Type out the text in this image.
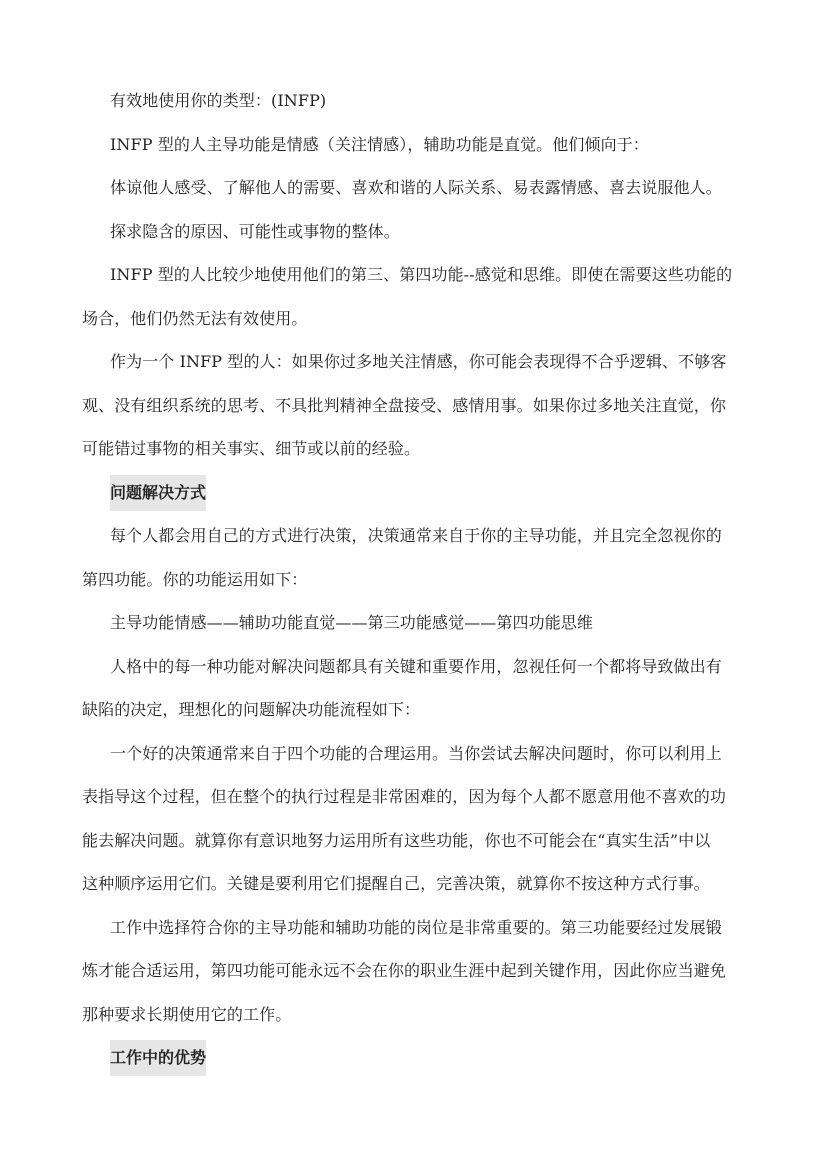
有效地使用你的类型：(INFP)
INFP 型的人主导功能是情感（关注情感），辅助功能是直觉。他们倾向于：
体谅他人感受、了解他人的需要、喜欢和谐的人际关系、易表露情感、喜去说服他人。
探求隐含的原因、可能性或事物的整体。
INFP 型的人比较少地使用他们的第三、第四功能--感觉和思维。即使在需要这些功能的
场合，他们仍然无法有效使用。
作为一个 INFP 型的人：如果你过多地关注情感，你可能会表现得不合乎逻辑、不够客
观、没有组织系统的思考、不具批判精神全盘接受、感情用事。如果你过多地关注直觉，你
可能错过事物的相关事实、细节或以前的经验。
问题解决方式
每个人都会用自己的方式进行决策，决策通常来自于你的主导功能，并且完全忽视你的
第四功能。你的功能运用如下：
主导功能情感——辅助功能直觉——第三功能感觉——第四功能思维
人格中的每一种功能对解决问题都具有关键和重要作用，忽视任何一个都将导致做出有
缺陷的决定，理想化的问题解决功能流程如下：
一个好的决策通常来自于四个功能的合理运用。当你尝试去解决问题时，你可以利用上
表指导这个过程，但在整个的执行过程是非常困难的，因为每个人都不愿意用他不喜欢的功
能去解决问题。就算你有意识地努力运用所有这些功能，你也不可能会在“真实生活”中以
这种顺序运用它们。关键是要利用它们提醒自己，完善决策，就算你不按这种方式行事。
工作中选择符合你的主导功能和辅助功能的岗位是非常重要的。第三功能要经过发展锻
炼才能合适运用，第四功能可能永远不会在你的职业生涯中起到关键作用，因此你应当避免
那种要求长期使用它的工作。
工作中的优势
